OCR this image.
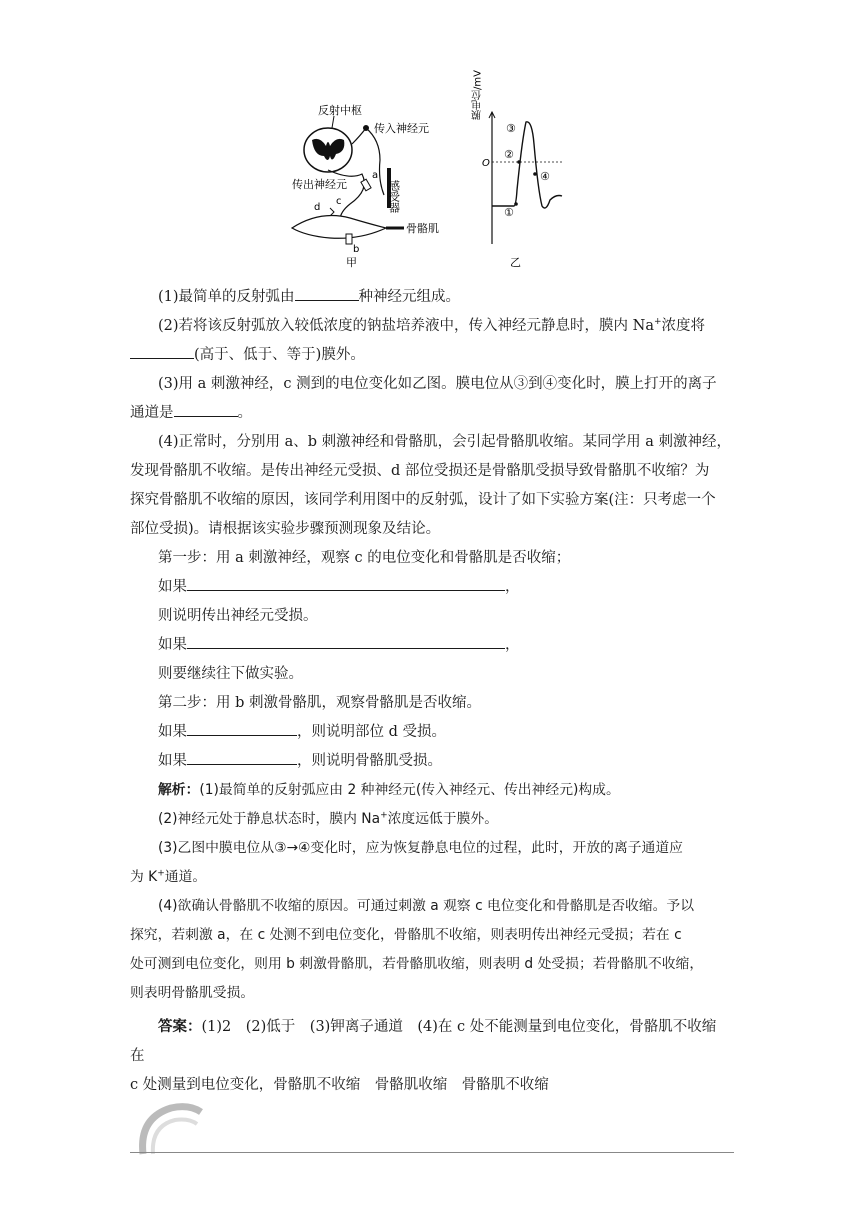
反射中枢
传入神经元
感受器
传出神经元
a
c
d
骨骼肌
b
甲
膜电位/mV
O
①
②
③
④
乙

(1)最简单的反射弧由	种神经元组成。

(2)若将该反射弧放入较低浓度的钠盐培养液中，传入神经元静息时，膜内 Na+浓度将

(高于、低于、等于)膜外。

(3)用 a 刺激神经，c 测到的电位变化如乙图。膜电位从③到④变化时，膜上打开的离子

通道是	。

(4)正常时，分别用 a、b 刺激神经和骨骼肌，会引起骨骼肌收缩。某同学用 a 刺激神经，

发现骨骼肌不收缩。是传出神经元受损、d 部位受损还是骨骼肌受损导致骨骼肌不收缩？为

探究骨骼肌不收缩的原因，该同学利用图中的反射弧，设计了如下实验方案(注：只考虑一个

部位受损)。请根据该实验步骤预测现象及结论。

第一步：用 a 刺激神经，观察 c 的电位变化和骨骼肌是否收缩；

如果	，

则说明传出神经元受损。

如果	，

则要继续往下做实验。

第二步：用 b 刺激骨骼肌，观察骨骼肌是否收缩。

如果	，则说明部位 d 受损。

如果	，则说明骨骼肌受损。

解析：(1)最简单的反射弧应由 2 种神经元(传入神经元、传出神经元)构成。

(2)神经元处于静息状态时，膜内 Na+浓度远低于膜外。

(3)乙图中膜电位从③→④变化时，应为恢复静息电位的过程，此时，开放的离子通道应

为 K+通道。

(4)欲确认骨骼肌不收缩的原因。可通过刺激 a 观察 c 电位变化和骨骼肌是否收缩。予以

探究，若刺激 a，在 c 处测不到电位变化，骨骼肌不收缩，则表明传出神经元受损；若在 c

处可测到电位变化，则用 b 刺激骨骼肌，若骨骼肌收缩，则表明 d 处受损；若骨骼肌不收缩，

则表明骨骼肌受损。

答案：(1)2　(2)低于　(3)钾离子通道　(4)在 c 处不能测量到电位变化，骨骼肌不收缩　在

c 处测量到电位变化，骨骼肌不收缩　骨骼肌收缩　骨骼肌不收缩
